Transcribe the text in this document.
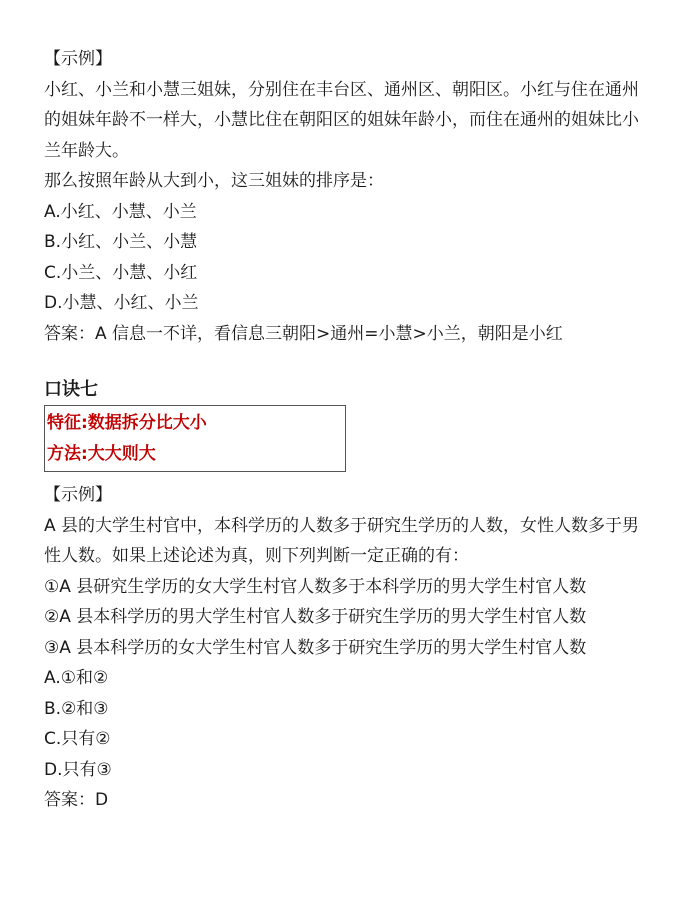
【示例】
小红、小兰和小慧三姐妹，分别住在丰台区、通州区、朝阳区。小红与住在通州的姐妹年龄不一样大，小慧比住在朝阳区的姐妹年龄小，而住在通州的姐妹比小兰年龄大。
那么按照年龄从大到小，这三姐妹的排序是：
A.小红、小慧、小兰
B.小红、小兰、小慧
C.小兰、小慧、小红
D.小慧、小红、小兰
答案：A 信息一不详，看信息三朝阳>通州=小慧>小兰，朝阳是小红
口诀七
特征:数据拆分比大小
方法:大大则大
【示例】
A 县的大学生村官中，本科学历的人数多于研究生学历的人数，女性人数多于男性人数。如果上述论述为真，则下列判断一定正确的有：
①A 县研究生学历的女大学生村官人数多于本科学历的男大学生村官人数
②A 县本科学历的男大学生村官人数多于研究生学历的男大学生村官人数
③A 县本科学历的女大学生村官人数多于研究生学历的男大学生村官人数
A.①和②
B.②和③
C.只有②
D.只有③
答案：D
